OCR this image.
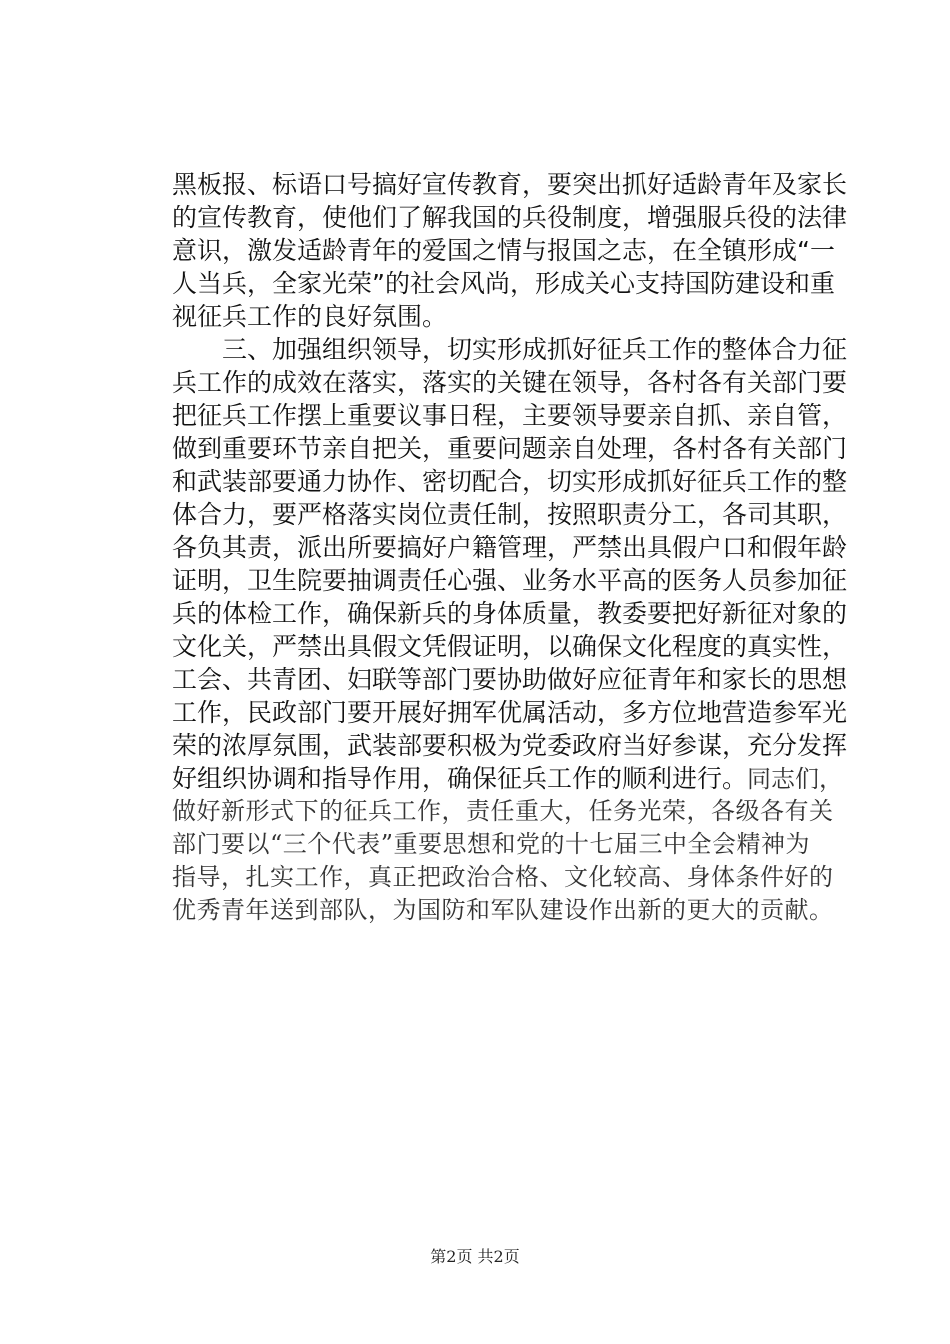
黑板报、标语口号搞好宣传教育，要突出抓好适龄青年及家长
的宣传教育，使他们了解我国的兵役制度，增强服兵役的法律
意识，激发适龄青年的爱国之情与报国之志，在全镇形成“一
人当兵，全家光荣”的社会风尚，形成关心支持国防建设和重
视征兵工作的良好氛围。
　　三、加强组织领导，切实形成抓好征兵工作的整体合力征
兵工作的成效在落实，落实的关键在领导，各村各有关部门要
把征兵工作摆上重要议事日程，主要领导要亲自抓、亲自管，
做到重要环节亲自把关，重要问题亲自处理，各村各有关部门
和武装部要通力协作、密切配合，切实形成抓好征兵工作的整
体合力，要严格落实岗位责任制，按照职责分工，各司其职，
各负其责，派出所要搞好户籍管理，严禁出具假户口和假年龄
证明，卫生院要抽调责任心强、业务水平高的医务人员参加征
兵的体检工作，确保新兵的身体质量，教委要把好新征对象的
文化关，严禁出具假文凭假证明，以确保文化程度的真实性，
工会、共青团、妇联等部门要协助做好应征青年和家长的思想
工作，民政部门要开展好拥军优属活动，多方位地营造参军光
荣的浓厚氛围，武装部要积极为党委政府当好参谋，充分发挥
好组织协调和指导作用，确保征兵工作的顺利进行。同志们，
做好新形式下的征兵工作，责任重大，任务光荣，各级各有关
部门要以“三个代表”重要思想和党的十七届三中全会精神为
指导，扎实工作，真正把政治合格、文化较高、身体条件好的
优秀青年送到部队，为国防和军队建设作出新的更大的贡献。
第2页 共2页
